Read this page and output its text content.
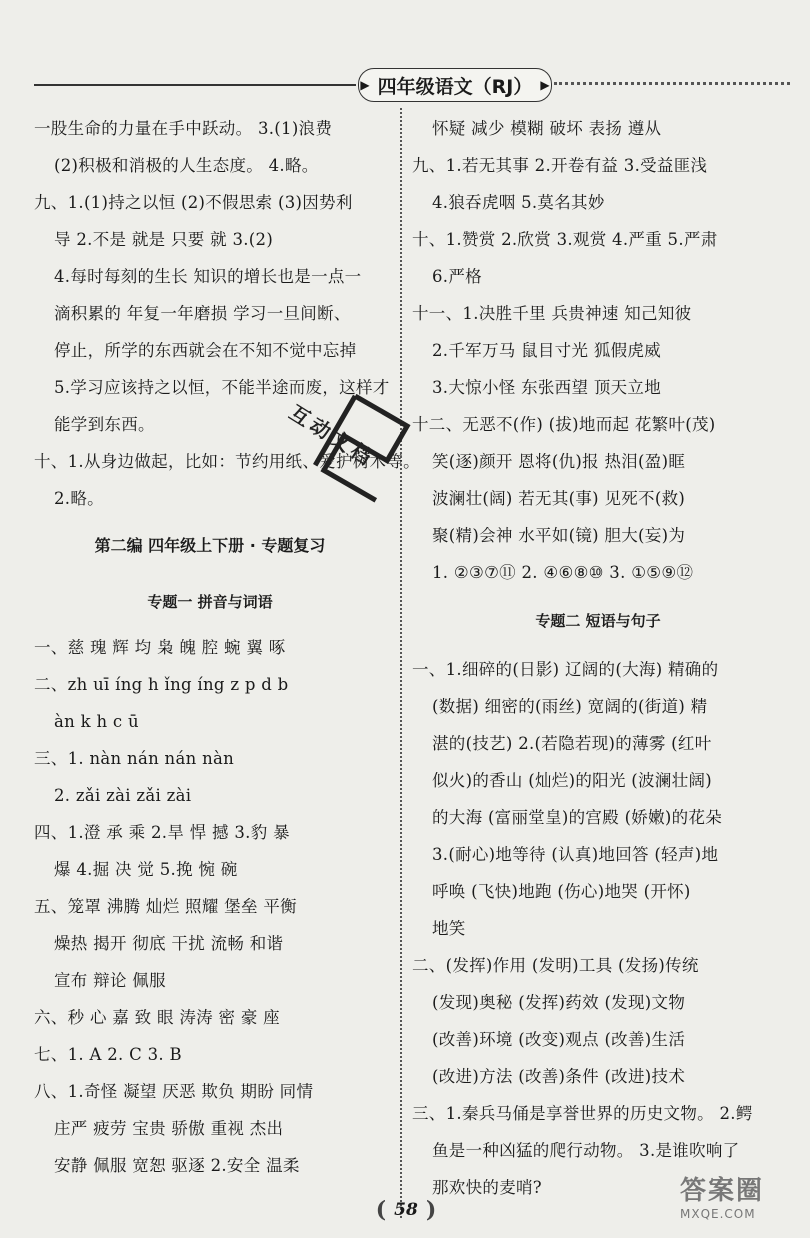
▶ 四年级语文（RJ） ▶
一股生命的力量在手中跃动。 3.(1)浪费
(2)积极和消极的人生态度。 4.略。
九、1.(1)持之以恒 (2)不假思索 (3)因势利
导 2.不是 就是 只要 就 3.(2)
4.每时每刻的生长 知识的增长也是一点一
滴积累的 年复一年磨损 学习一旦间断、
停止，所学的东西就会在不知不觉中忘掉
5.学习应该持之以恒，不能半途而废，这样才
能学到东西。
十、1.从身边做起，比如：节约用纸、爱护树木等。
2.略。
第二编 四年级上下册 · 专题复习
专题一 拼音与词语
一、慈 瑰 辉 均 枭 魄 腔 蜿 翼 啄
二、zh uī íng h ǐng íng z p d b
àn k h c ū
三、1. nàn nán nán nàn
2. zǎi zài zǎi zài
四、1.澄 承 乘 2.旱 悍 撼 3.豹 暴
爆 4.掘 决 觉 5.挽 惋 碗
五、笼罩 沸腾 灿烂 照耀 堡垒 平衡
燥热 揭开 彻底 干扰 流畅 和谐
宣布 辩论 佩服
六、秒 心 嘉 致 眼 涛涛 密 豪 座
七、1. A 2. C 3. B
八、1.奇怪 凝望 厌恶 欺负 期盼 同情
庄严 疲劳 宝贵 骄傲 重视 杰出
安静 佩服 宽恕 驱逐 2.安全 温柔
怀疑 减少 模糊 破坏 表扬 遵从
九、1.若无其事 2.开卷有益 3.受益匪浅
4.狼吞虎咽 5.莫名其妙
十、1.赞赏 2.欣赏 3.观赏 4.严重 5.严肃
6.严格
十一、1.决胜千里 兵贵神速 知己知彼
2.千军万马 鼠目寸光 狐假虎威
3.大惊小怪 东张西望 顶天立地
十二、无恶不(作) (拔)地而起 花繁叶(茂)
笑(逐)颜开 恩将(仇)报 热泪(盈)眶
波澜壮(阔) 若无其(事) 见死不(救)
聚(精)会神 水平如(镜) 胆大(妄)为
1. ②③⑦⑪ 2. ④⑥⑧⑩ 3. ①⑤⑨⑫
专题二 短语与句子
一、1.细碎的(日影) 辽阔的(大海) 精确的
(数据) 细密的(雨丝) 宽阔的(街道) 精
湛的(技艺) 2.(若隐若现)的薄雾 (红叶
似火)的香山 (灿烂)的阳光 (波澜壮阔)
的大海 (富丽堂皇)的宫殿 (娇嫩)的花朵
3.(耐心)地等待 (认真)地回答 (轻声)地
呼唤 (飞快)地跑 (伤心)地哭 (开怀)
地笑
二、(发挥)作用 (发明)工具 (发扬)传统
(发现)奥秘 (发挥)药效 (发现)文物
(改善)环境 (改变)观点 (改善)生活
(改进)方法 (改善)条件 (改进)技术
三、1.秦兵马俑是享誉世界的历史文物。 2.鳄
鱼是一种凶猛的爬行动物。 3.是谁吹响了
那欢快的麦哨?
互动文档
( 58 )
答案圈
MXQE.COM
